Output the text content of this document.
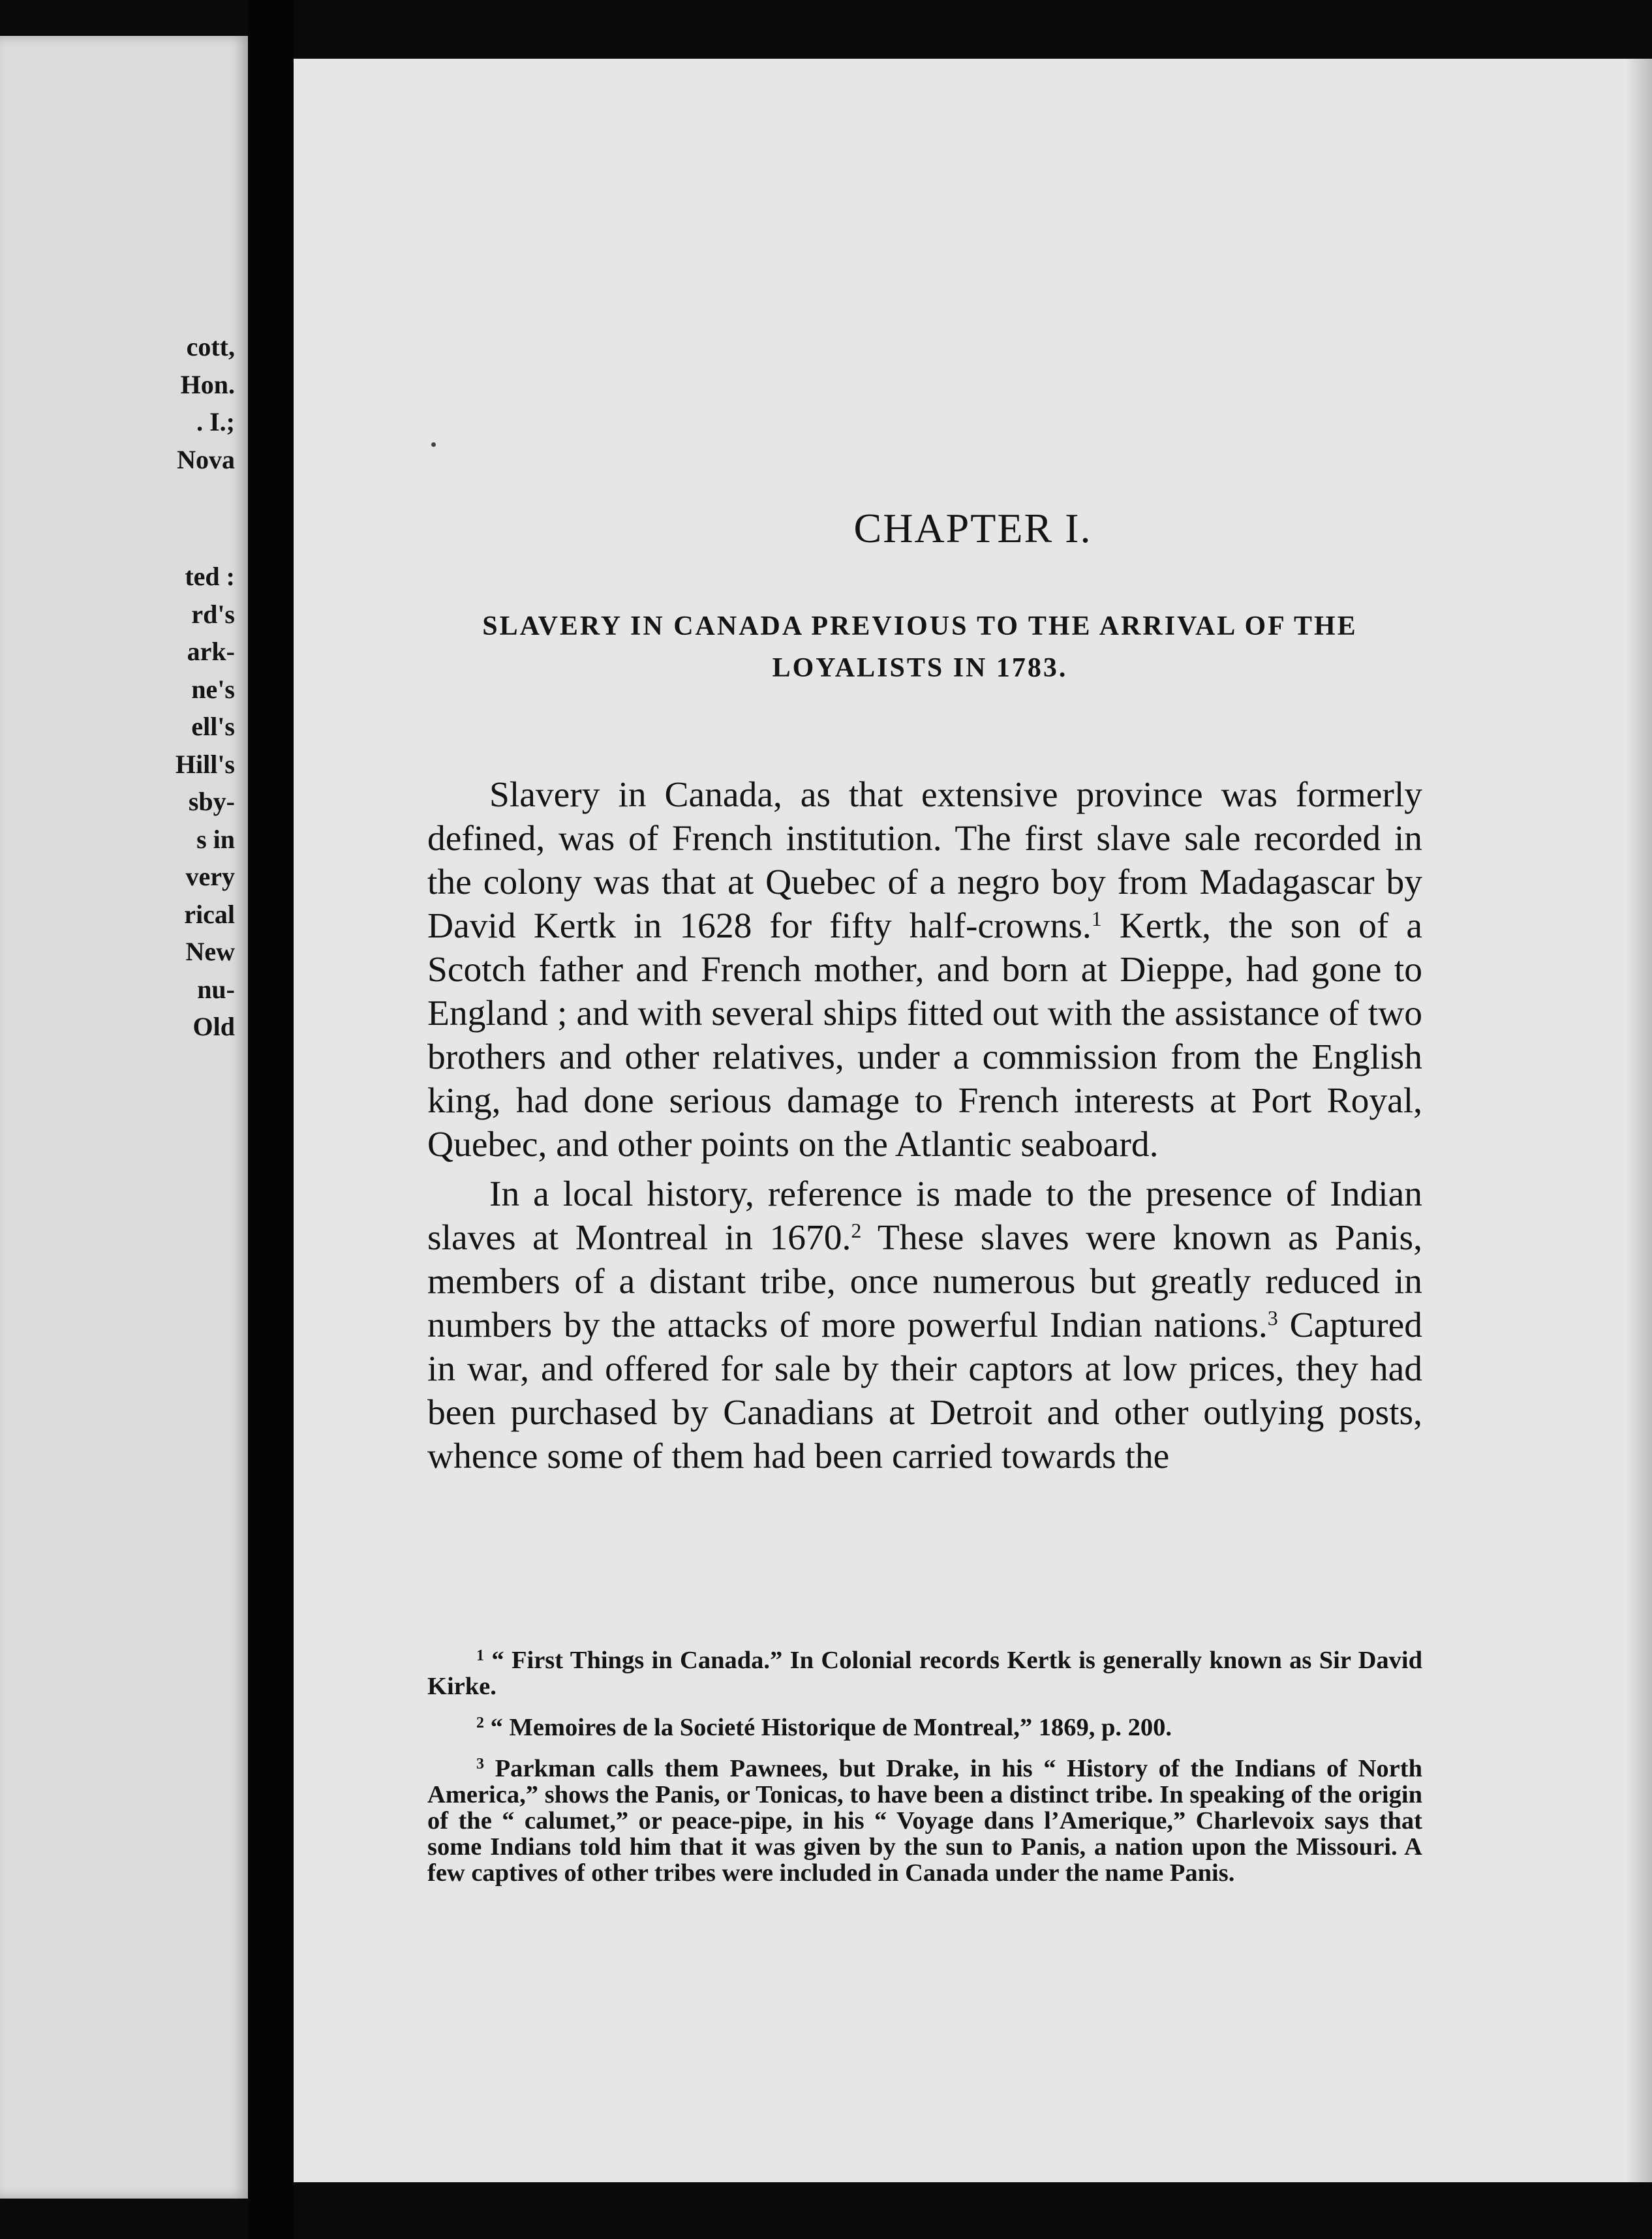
cott,
Hon.
. I.;
Nova
ted :
rd's
ark-
ne's
ell's
Hill's
sby-
s in
very
rical
New
nu-
Old
CHAPTER I.
SLAVERY IN CANADA PREVIOUS TO THE ARRIVAL OF THE LOYALISTS IN 1783.

Slavery in Canada, as that extensive province was formerly defined, was of French institution. The first slave sale recorded in the colony was that at Quebec of a negro boy from Madagascar by David Kertk in 1628 for fifty half-crowns.$^1$ Kertk, the son of a Scotch father and French mother, and born at Dieppe, had gone to England ; and with several ships fitted out with the assistance of two brothers and other relatives, under a commission from the English king, had done serious damage to French interests at Port Royal, Quebec, and other points on the Atlantic seaboard.

In a local history, reference is made to the presence of Indian slaves at Montreal in 1670.$^2$ These slaves were known as Panis, members of a distant tribe, once numerous but greatly reduced in numbers by the attacks of more powerful Indian nations.$^3$ Captured in war, and offered for sale by their captors at low prices, they had been purchased by Canadians at Detroit and other outlying posts, whence some of them had been carried towards the

$^1$ “ First Things in Canada.” In Colonial records Kertk is generally known as Sir David Kirke.

$^2$ “ Memoires de la Societé Historique de Montreal,” 1869, p. 200.

$^3$ Parkman calls them Pawnees, but Drake, in his “ History of the Indians of North America,” shows the Panis, or Tonicas, to have been a distinct tribe. In speaking of the origin of the “ calumet,” or peace-pipe, in his “ Voyage dans l’Amerique,” Charlevoix says that some Indians told him that it was given by the sun to Panis, a nation upon the Missouri. A few captives of other tribes were included in Canada under the name Panis.
